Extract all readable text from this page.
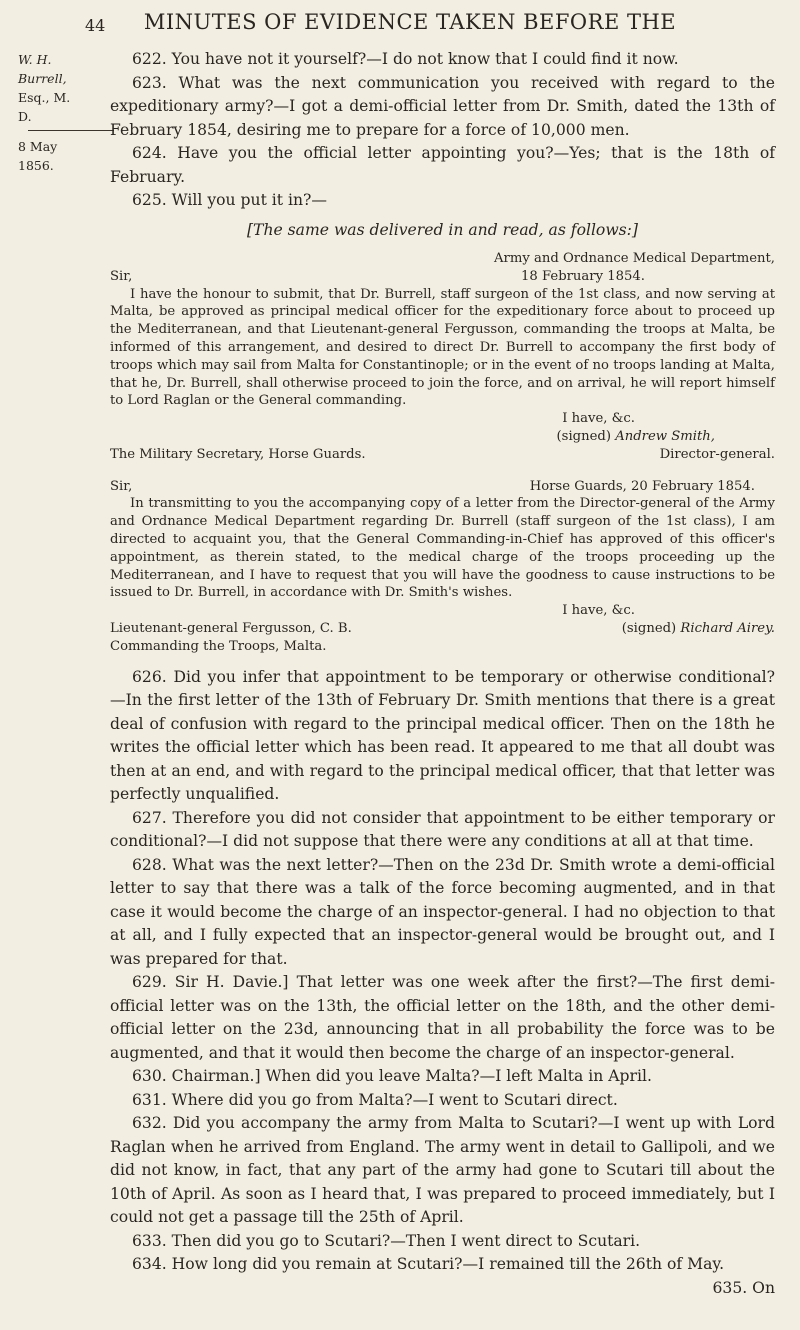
44	MINUTES OF EVIDENCE TAKEN BEFORE THE
W. H. Burrell,
Esq., M. D.
8 May 1856.

622. You have not it yourself?—I do not know that I could find it now.

623. What was the next communication you received with regard to the expeditionary army?—I got a demi-official letter from Dr. Smith, dated the 13th of February 1854, desiring me to prepare for a force of 10,000 men.

624. Have you the official letter appointing you?—Yes; that is the 18th of February.

625. Will you put it in?—

[The same was delivered in and read, as follows:]

Army and Ordnance Medical Department,
Sir,	18 February 1854.

I have the honour to submit, that Dr. Burrell, staff surgeon of the 1st class, and now serving at Malta, be approved as principal medical officer for the expeditionary force about to proceed up the Mediterranean, and that Lieutenant-general Fergusson, commanding the troops at Malta, be informed of this arrangement, and desired to direct Dr. Burrell to accompany the first body of troops which may sail from Malta for Constantinople; or in the event of no troops landing at Malta, that he, Dr. Burrell, shall otherwise proceed to join the force, and on arrival, he will report himself to Lord Raglan or the General commanding.

I have, &c.
(signed) Andrew Smith,
The Military Secretary, Horse Guards.	Director-general.
Sir,	Horse Guards, 20 February 1854.

In transmitting to you the accompanying copy of a letter from the Director-general of the Army and Ordnance Medical Department regarding Dr. Burrell (staff surgeon of the 1st class), I am directed to acquaint you, that the General Commanding-in-Chief has approved of this officer's appointment, as therein stated, to the medical charge of the troops proceeding up the Mediterranean, and I have to request that you will have the goodness to cause instructions to be issued to Dr. Burrell, in accordance with Dr. Smith's wishes.

I have, &c.
Lieutenant-general Fergusson, C. B.	(signed) Richard Airey.
Commanding the Troops, Malta.

626. Did you infer that appointment to be temporary or otherwise conditional? —In the first letter of the 13th of February Dr. Smith mentions that there is a great deal of confusion with regard to the principal medical officer. Then on the 18th he writes the official letter which has been read. It appeared to me that all doubt was then at an end, and with regard to the principal medical officer, that that letter was perfectly unqualified.

627. Therefore you did not consider that appointment to be either temporary or conditional?—I did not suppose that there were any conditions at all at that time.

628. What was the next letter?—Then on the 23d Dr. Smith wrote a demi-official letter to say that there was a talk of the force becoming augmented, and in that case it would become the charge of an inspector-general. I had no objection to that at all, and I fully expected that an inspector-general would be brought out, and I was prepared for that.

629. Sir H. Davie.] That letter was one week after the first?—The first demi-official letter was on the 13th, the official letter on the 18th, and the other demi-official letter on the 23d, announcing that in all probability the force was to be augmented, and that it would then become the charge of an inspector-general.

630. Chairman.] When did you leave Malta?—I left Malta in April.

631. Where did you go from Malta?—I went to Scutari direct.

632. Did you accompany the army from Malta to Scutari?—I went up with Lord Raglan when he arrived from England. The army went in detail to Gallipoli, and we did not know, in fact, that any part of the army had gone to Scutari till about the 10th of April. As soon as I heard that, I was prepared to proceed immediately, but I could not get a passage till the 25th of April.

633. Then did you go to Scutari?—Then I went direct to Scutari.

634. How long did you remain at Scutari?—I remained till the 26th of May.

635. On
